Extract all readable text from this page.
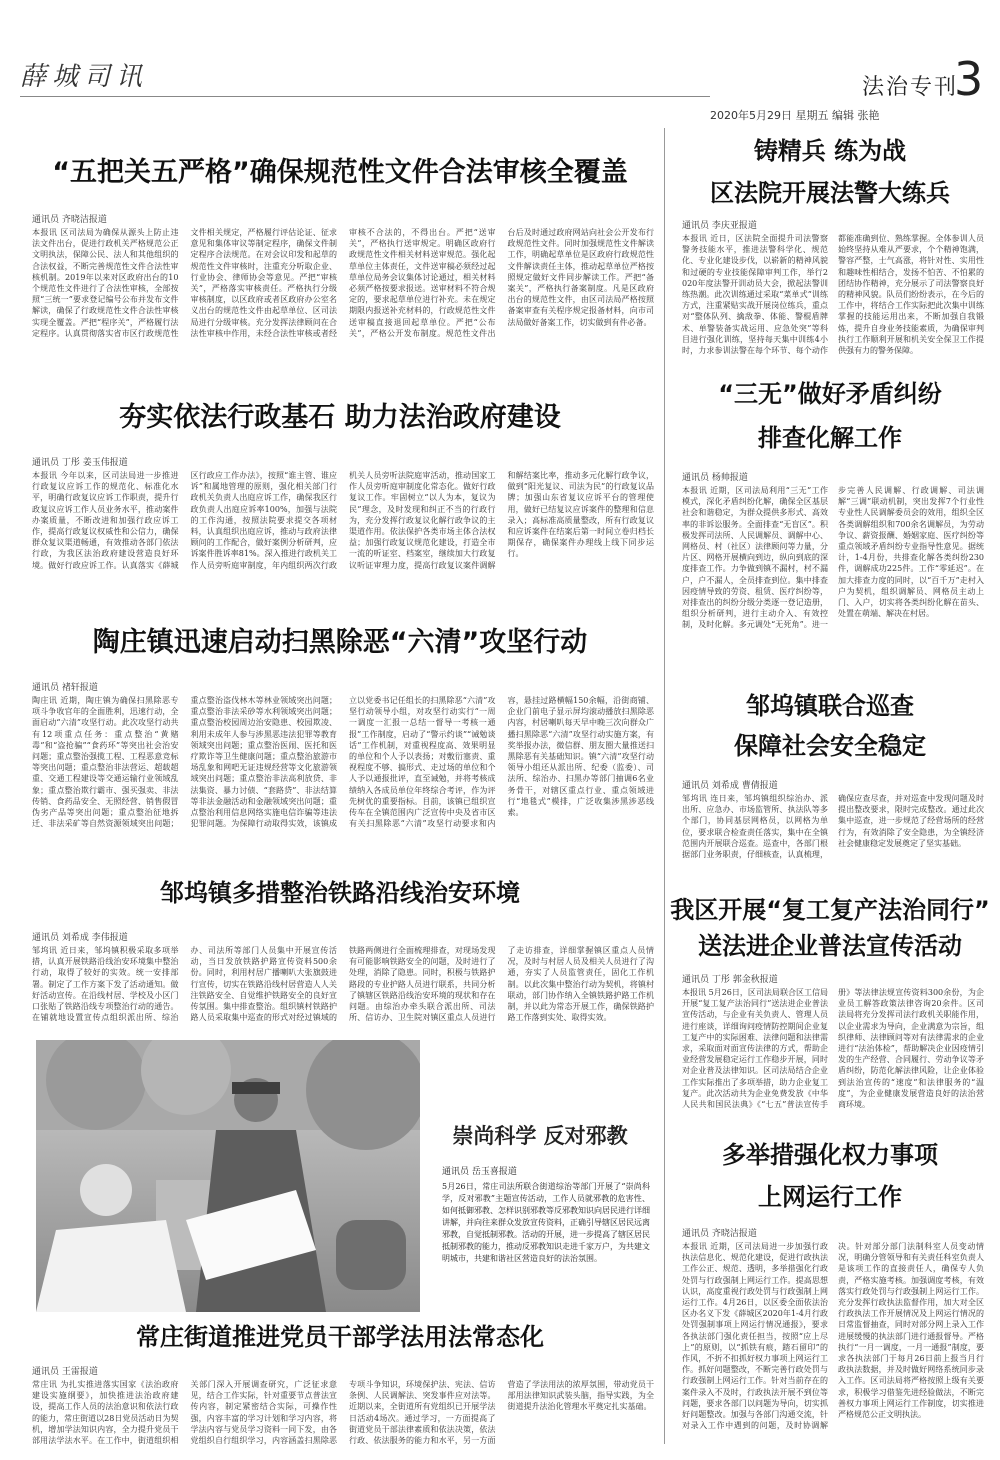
薛城司讯	法治专刊
3
2020年5月29日 星期五 编辑 张艳
“五把关五严格”确保规范性文件合法审核全覆盖
通讯员 齐晓洁报道
本报讯 区司法局为确保从源头上防止违法文件出台，促进行政机关严格规范公正文明执法，保障公民、法人和其他组织的合法权益，不断完善规范性文件合法性审核机制。2019年以来对区政府出台的10个规范性文件进行了合法性审核，全部按照“三统一”要求登记编号公布并发布文件解读，确保了行政规范性文件合法性审核实现全覆盖。严把“程序关”，严格履行法定程序。认真贯彻落实省市区行政规范性文件相关规定，严格履行评估论证、征求意见和集体审议等制定程序，确保文件制定程序合法规范。在对会议印发和起草的规范性文件审核时，注重充分听取企业、行业协会、律师协会等意见。严把“审核关”，严格落实审核责任。严格执行分级审核制度，以区政府或者区政府办公室名义出台的规范性文件由起草单位、区司法局进行分级审核。充分发挥法律顾问在合法性审核中作用，未经合法性审核或者经审核不合法的，不得出台。严把“送审关”，严格执行送审规定。明确区政府行政规范性文件相关材料送审规范。强化起草单位主体责任，文件送审稿必须经过起草单位局务会议集体讨论通过，相关材料必须严格按要求报送。送审材料不符合规定的，要求起草单位进行补充。未在规定期限内报送补充材料的，行政规范性文件送审稿直接退回起草单位。严把“公布关”，严格公开发布制度。规范性文件出台后及时通过政府网站向社会公开发布行政规范性文件。同时加强规范性文件解读工作，明确起草单位是区政府行政规范性文件解读责任主体，推动起草单位严格按照规定做好文件同步解读工作。严把“备案关”，严格执行备案制度。凡是区政府出台的规范性文件，由区司法局严格按照备案审查有关程序规定报备材料，向市司法局做好备案工作，切实做到有件必备。
夯实依法行政基石 助力法治政府建设
通讯员 丁彤 姜玉伟报道
本报讯 今年以来，区司法局进一步推进行政复议应诉工作的规范化、标准化水平，明确行政复议应诉工作职责，提升行政复议应诉工作人员业务水平，推动案件办案质量，不断改进和加强行政应诉工作，提高行政复议权威性和公信力，确保群众复议渠道畅通，有效推动各部门依法行政，为我区法治政府建设营造良好环境。做好行政应诉工作。认真落实《薛城区行政应工作办法》，按照“谁主管、谁应诉”和属地管理的原则，强化相关部门行政机关负责人出庭应诉工作，确保我区行政负责人出庭应诉率100%，加强与法院的工作沟通，按照法院要求提交各项材料，认真组织出庭应诉，推动与政府法律顾问的工作配合，做好案例分析研判，应诉案件胜诉率81%。深入推进行政机关工作人员旁听庭审制度，年内组织两次行政机关人员旁听法院庭审活动，推动国家工作人员旁听庭审制度化常态化。做好行政复议工作。牢固树立“以人为本，复议为民”理念，及时发现和纠正不当的行政行为，充分发挥行政复议化解行政争议的主渠道作用。依法保护各类市场主体合法权益；加强行政复议规范化建设，打造全市一流的听证室、档案室，继续加大行政复议听证审理力度，提高行政复议案件调解和解结案比率，推动多元化解行政争议，做到“阳光复议、司法为民”的行政复议品牌；加强山东省复议应诉平台的管理使用，做好已结复议应诉案件的整理和信息录入；高标准高质量整改，所有行政复议和应诉案件在结案后第一时间立卷归档长期保存，确保案件办理线上线下同步运行。
陶庄镇迅速启动扫黑除恶“六清”攻坚行动
通讯员 褚轩报道
陶庄讯 近期，陶庄镇为确保扫黑除恶专项斗争收官年的全面胜利，迅速行动，全面启动“六清”攻坚行动。此次攻坚行动共有12项重点任务：重点整治“黄赌毒”和“盗抢骗”“食药环”等突出社会治安问题；重点整治强揽工程、工程恶意竞标等突出问题；重点整治非法营运、超载超重、交通工程建设等交通运输行业领域乱象；重点整治欺行霸市、强买强卖、非法传销、食药品安全、无照经营、销售假冒伪劣产品等突出问题；重点整治征地拆迁、非法采矿等自然资源领域突出问题；重点整治盗伐林木等林业领域突出问题；重点整治非法采砂等水利领域突出问题；重点整治校园周边治安隐患、校园欺凌、利用未成年人参与涉黑恶违法犯罪等教育领域突出问题；重点整治医闹、医托和医疗欺诈等卫生健康问题；重点整治旅游市场乱象和网吧无证违规经营等文化旅游领域突出问题；重点整治非法高利放贷、非法集资、暴力讨债、“套路贷”、非法结算等非法金融活动和金融领域突出问题；重点整治利用信息网络实施电信诈骗等违法犯罪问题。为保障行动取得实效，该镇成立以党委书记任组长的扫黑除恶“六清”攻坚行动领导小组，对攻坚行动实行“一周一调度一汇报一总结一督导一考核一通报”工作制度，启动了“警示约谈”“诫勉谈话”工作机制，对重视程度高、效果明显的单位和个人予以表扬；对敷衍塞责、重视程度不够、搞形式、走过场的单位和个人予以通报批评，直至诫勉，并将考核成绩纳入各成员单位年终综合考评，作为评先树优的重要指标。目前，该镇已组织宣传车在全镇范围内广泛宣传中央及省市区有关扫黑除恶“六清”攻坚行动要求和内容，悬挂过路横幅150余幅，沿街商铺、企业门前电子显示屏均滚动播放扫黑除恶内容，村居喇叭每天早中晚三次向群众广播扫黑除恶“六清”攻坚行动实施方案，有奖举报办法，微信群、朋友圈大量推送扫黑除恶有关基础知识。镇“六清”攻坚行动领导小组还从派出所、纪委（监委）、司法所、综治办、扫黑办等部门抽调6名业务骨干，对辖区重点行业、重点领域进行“地毯式”模排，广泛收集涉黑涉恶线索。
邹坞镇多措整治铁路沿线治安环境
通讯员 刘希成 李伟报道
邹坞讯 近日来，邹坞镇积极采取多项举措，认真开展铁路沿线治安环境集中整治行动，取得了较好的实效。统一安排部署。制定了工作方案下发了活动通知。做好活动宣传。在沿线村居、学校及小区门口张贴了铁路沿线专项整治行动的通告。在铺就地设置宣传点组织派出所、综治办、司法所等部门人员集中开展宣传活动，当日发放铁路护路宣传资料500余份。同时，利用村居广播喇叭大张旗鼓进行宣传，切实在铁路沿线村居营造人人关注铁路安全、自觉维护铁路安全的良好宣传氛围。集中排查整治。组织镇村铁路护路人员采取集中巡查的形式对经过镇域的铁路两侧进行全面梳理排查，对现场发现有可能影响铁路安全的问题，及时进行了处理，消除了隐患。同时，积极与铁路护路段的专业护路人员进行联系，共同分析了镇辖区铁路沿线治安环境的现状和存在问题。由综治办牵头联合派出所、司法所、信访办、卫生院对镇区重点人员进行了走访排查，详细掌握镇区重点人员情况，及时与村居人员及相关人员进行了沟通，夯实了人员监管责任，固化工作机制。以此次集中整治行动为契机，将镇村联动，部门协作纳入全镇铁路护路工作机制，并以此为常态开展工作，确保铁路护路工作落到实处、取得实效。
崇尚科学 反对邪教
通讯员 岳玉喜报道
5月26日，常庄司法所联合街道综治等部门开展了“崇尚科学，反对邪教”主题宣传活动，工作人员就邪教的危害性、如何抵御邪教、怎样识别邪教等反邪教知识向居民进行详细讲解，并向往来群众发放宣传资料，正确引导辖区居民远离邪教，自觉抵制邪教。活动的开展，进一步提高了辖区居民抵制邪教的能力，推动反邪教知识走进千家万户，为共建文明城市，共建和谐社区营造良好的法治氛围。
常庄街道推进党员干部学法用法常态化
通讯员 王雷报道
常庄讯 为扎实推进落实国家《法治政府建设实施纲要》，加快推进法治政府建设，提高工作人员的法治意识和依法行政的能力，常庄街道以28日党员活动日为契机，增加学法知识内容，全力提升党员干部用法学法水平。在工作中，街道组织相关部门深入开展调查研究，广泛征求意见，结合工作实际，针对重要节点普法宣传内容，制定紧密结合实际，可操作性强，内容丰富的学习计划和学习内容，将学法内容与党员学习资料一同下发，由各党组织自行组织学习，内容涵盖扫黑除恶专项斗争知识，环境保护法、宪法、信访条例、人民调解法、突发事件应对法等。近期以来，全街道所有党组织已开展学法日活动4场次。通过学习，一方面提高了街道党员干部法律素质和依法决策，依法行政、依法服务的能力和水平，另一方面营造了学法用法的浓厚氛围，带动党员干部用法律知识武装头脑，指导实践，为全街道提升法治化管理水平奠定扎实基础。
铸精兵 练为战
区法院开展法警大练兵
通讯员 李庆亚报道
本报讯 近日，区法院全面提升司法警察警务技能水平，推进法警科学化、规范化、专业化建设步伐，以崭新的精神风貌和过硬的专业技能保障审判工作，举行2020年度法警开训动员大会，掀起法警训练热潮。此次训练通过采取“菜单式”训练方式，注重紧贴实战开展岗位练兵，重点对“整体队列、擒敌拳、体能、警棍盾牌术、单警装备实战运用、应急处突”等科目进行强化训练，坚持每天集中训练4小时，力求参训法警在每个环节、每个动作都能准确到位、熟练掌握。全体参训人员始终坚持从难从严要求，个个精神饱满，警容严整，士气高涨，将针对性、实用性和趣味性相结合，发扬不怕苦、不怕累的团结协作精神，充分展示了司法警察良好的精神风貌。队员们纷纷表示，在今后的工作中，将结合工作实际把此次集中训练掌握的技能运用出来，不断加强自我锻炼，提升自身业务技能素质，为确保审判执行工作顺利开展和机关安全保卫工作提供强有力的警务保障。
“三无”做好矛盾纠纷
排查化解工作
通讯员 杨帅报道
本报讯 近期，区司法局利用“三无”工作模式，深化矛盾纠纷化解，确保全区基层社会和谐稳定，为群众提供多形式、高效率的非诉讼服务。全面排查“无盲区”。积极发挥司法所、人民调解员、调解中心、网格员、村（社区）法律顾问等力量，分片区、网格开展横向到边，纵向到底的深度排查工作。力争做到镇不漏村，村不漏户，户不漏人，全员排查到位。集中排查因疫情导致的劳资、租赁、医疗纠纷等，对排查出的纠纷分级分类逐一登记造册，组织分析研判，进行主动介入、有效控制，及时化解。多元调处“无死角”。进一步完善人民调解、行政调解、司法调解“三调”联动机制，突出发挥7个行业性专业性人民调解委员会的效用，组织全区各类调解组织和700余名调解员，为劳动争议、薪资报酬、婚姻家庭、医疗纠纷等重点领域矛盾纠纷专业指导性意见。据统计，1-4月份，共排查化解各类纠纷230件，调解成功225件。工作“零延迟”。在加大排查力度的同时，以“百千万”走村入户为契机，组织调解员、网格员主动上门、入户，切实将各类纠纷化解在苗头、处置在萌端、解决在村居。
邹坞镇联合巡查
保障社会安全稳定
通讯员 刘希成 曹倩报道
邹坞讯 连日来，邹坞镇组织综治办、派出所、应急办、市场监管所、执法队等多个部门，协同基层网格员，以网格为单位，要求联合检查责任落实，集中在全镇范围内开展联合巡查。巡查中，各部门根据部门业务职责，仔细核查，认真梳理，确保应查尽查，并对巡查中发现问题及时提出整改要求，限时完成整改。通过此次集中巡查，进一步规范了经营场所的经营行为，有效消除了安全隐患，为全镇经济社会健康稳定发展奠定了坚实基础。
我区开展“复工复产法治同行”
送法进企业普法宣传活动
通讯员 丁彤 郭金秋报道
本报讯 5月26日，区司法局联合区工信局开展“复工复产法治同行”送法进企业普法宣传活动，与企业有关负责人、管理人员进行座谈，详细询问疫情防控期间企业复工复产中的实际困难、法律问题和法律需求，采取面对面宣传法律的方式，帮助企业经营发展稳定运行工作稳步开展，同时对企业普及法律知识。区司法局结合企业工作实际推出了多项举措，助力企业复工复产。此次活动共为企业免费发放《中华人民共和国民法典》《“七五”普法宣传手册》等法律法规宣传资料300余份，为企业员工解答政策法律咨询20余件。区司法局将充分发挥司法行政机关职能作用，以企业需求为导向，企业满意为宗旨，组织律师、法律顾问等对有法律需求的企业进行“法治体检”，帮助解决企业因疫情引发的生产经营、合同履行、劳动争议等矛盾纠纷，防范化解法律风险，让企业体验到法治宣传的“速度”和法律服务的“温度”，为企业健康发展营造良好的法治营商环境。
多举措强化权力事项
上网运行工作
通讯员 齐晓洁报道
本报讯 近期，区司法局进一步加强行政执法信息化、规范化建设，促进行政执法工作公正、规范、透明，多举措强化行政处罚与行政强制上网运行工作。提高思想认识，高度重视行政处罚与行政强制上网运行工作。4月26日，以区委全面依法治区办名义下发《薛城区2020年1-4月行政处罚强制事项上网运行情况通报》，要求各执法部门强化责任担当，按照“应上尽上”的原则，以“抓铁有痕，踏石留印”的作风，不折不扣抓好权力事项上网运行工作。抓好问题整改，不断完善行政处罚与行政强制上网运行工作。针对当前存在的案件录入不及时，行政执法开展不到位等问题，要求各部门以问题为导向，切实抓好问题整改。加强与各部门沟通交流，针对录入工作中遇到的问题，及时协调解决。针对部分部门法制科室人员变动情况，明确分管领导和有关责任科室负责人是该项工作的直接责任人，确保专人负责，严格实施考核。加强调度考核，有效落实行政处罚与行政强制上网运行工作。充分发挥行政执法监督作用，加大对全区行政执法工作开展情况及上网运行情况的日常监督抽查，同时对部分网上录入工作进展缓慢的执法部门进行通报督导。严格执行“一月一调度，一月一通报”制度，要求各执法部门于每月26日前上报当月行政执法数据，并及时做好网络系统同步录入工作。区司法局将严格按照上级有关要求，积极学习借鉴先进经验做法，不断完善权力事项上网运行工作制度，切实推进严格规范公正文明执法。
